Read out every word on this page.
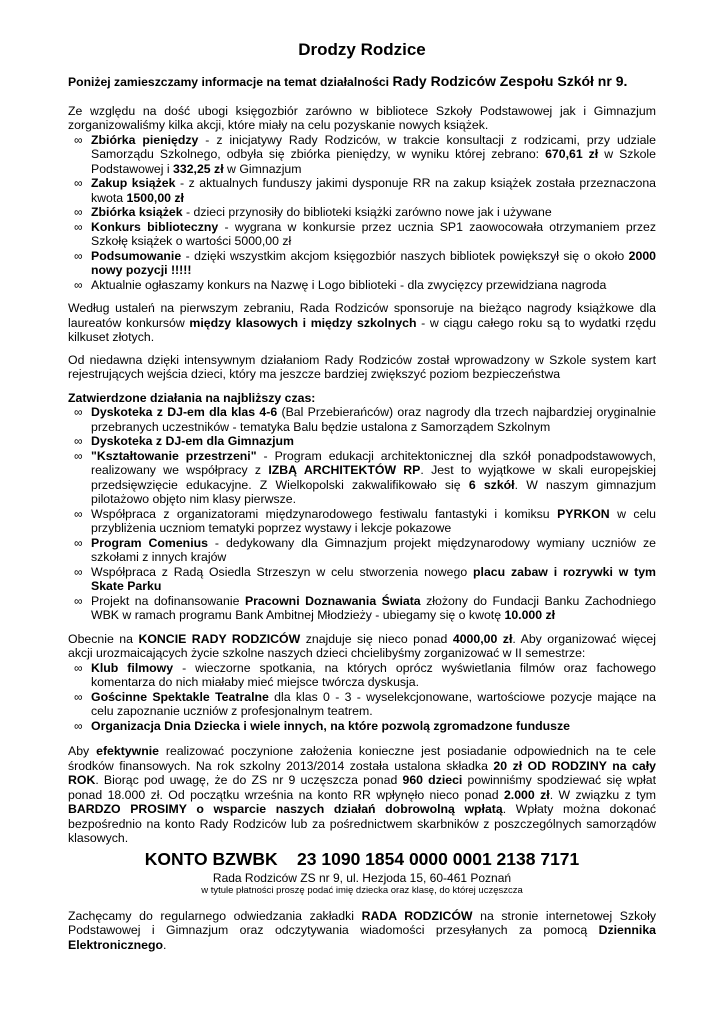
Drodzy Rodzice
Poniżej zamieszczamy informacje na temat działalności Rady Rodziców Zespołu Szkół nr 9.

Ze względu na dość ubogi księgozbiór zarówno w bibliotece Szkoły Podstawowej jak i Gimnazjum zorganizowaliśmy kilka akcji, które miały na celu pozyskanie nowych książek.

∞ Zbiórka pieniędzy - z inicjatywy Rady Rodziców, w trakcie konsultacji z rodzicami, przy udziale Samorządu Szkolnego, odbyła się zbiórka pieniędzy, w wyniku której zebrano: 670,61 zł w Szkole Podstawowej i 332,25 zł w Gimnazjum
∞ Zakup książek - z aktualnych funduszy jakimi dysponuje RR na zakup książek została przeznaczona kwota 1500,00 zł
∞ Zbiórka książek - dzieci przynosiły do biblioteki książki zarówno nowe jak i używane
∞ Konkurs biblioteczny - wygrana w konkursie przez ucznia SP1 zaowocowała otrzymaniem przez Szkołę książek o wartości 5000,00 zł
∞ Podsumowanie - dzięki wszystkim akcjom księgozbiór naszych bibliotek powiększył się o około 2000 nowy pozycji !!!!!
∞ Aktualnie ogłaszamy konkurs na Nazwę i Logo biblioteki - dla zwycięzcy przewidziana nagroda

Według ustaleń na pierwszym zebraniu, Rada Rodziców sponsoruje na bieżąco nagrody książkowe dla laureatów konkursów między klasowych i między szkolnych - w ciągu całego roku są to wydatki rzędu kilkuset złotych.

Od niedawna dzięki intensywnym działaniom Rady Rodziców został wprowadzony w Szkole system kart rejestrujących wejścia dzieci, który ma jeszcze bardziej zwiększyć poziom bezpieczeństwa

Zatwierdzone działania na najbliższy czas:
∞ Dyskoteka z DJ-em dla klas 4-6 (Bal Przebierańców) oraz nagrody dla trzech najbardziej oryginalnie przebranych uczestników - tematyka Balu będzie ustalona z Samorządem Szkolnym
∞ Dyskoteka z DJ-em dla Gimnazjum
∞ "Kształtowanie przestrzeni" - Program edukacji architektonicznej dla szkół ponadpodstawowych, realizowany we współpracy z IZBĄ ARCHITEKTÓW RP. Jest to wyjątkowe w skali europejskiej przedsięwzięcie edukacyjne. Z Wielkopolski zakwalifikowało się 6 szkół. W naszym gimnazjum pilotażowo objęto nim klasy pierwsze.
∞ Współpraca z organizatorami międzynarodowego festiwalu fantastyki i komiksu PYRKON w celu przybliżenia uczniom tematyki poprzez wystawy i lekcje pokazowe
∞ Program Comenius - dedykowany dla Gimnazjum projekt międzynarodowy wymiany uczniów ze szkołami z innych krajów
∞ Współpraca z Radą Osiedla Strzeszyn w celu stworzenia nowego placu zabaw i rozrywki w tym Skate Parku
∞ Projekt na dofinansowanie Pracowni Doznawania Świata złożony do Fundacji Banku Zachodniego WBK w ramach programu Bank Ambitnej Młodzieży - ubiegamy się o kwotę 10.000 zł

Obecnie na KONCIE RADY RODZICÓW znajduje się nieco ponad 4000,00 zł. Aby organizować więcej akcji urozmaicających życie szkolne naszych dzieci chcielibyśmy zorganizować w II semestrze:

∞ Klub filmowy - wieczorne spotkania, na których oprócz wyświetlania filmów oraz fachowego komentarza do nich miałaby mieć miejsce twórcza dyskusja.
∞ Gościnne Spektakle Teatralne dla klas 0 - 3 - wyselekcjonowane, wartościowe pozycje mające na celu zapoznanie uczniów z profesjonalnym teatrem.
∞ Organizacja Dnia Dziecka i wiele innych, na które pozwolą zgromadzone fundusze

Aby efektywnie realizować poczynione założenia konieczne jest posiadanie odpowiednich na te cele środków finansowych. Na rok szkolny 2013/2014 została ustalona składka 20 zł OD RODZINY na cały ROK. Biorąc pod uwagę, że do ZS nr 9 uczęszcza ponad 960 dzieci powinniśmy spodziewać się wpłat ponad 18.000 zł. Od początku września na konto RR wpłynęło nieco ponad 2.000 zł. W związku z tym BARDZO PROSIMY o wsparcie naszych działań dobrowolną wpłatą. Wpłaty można dokonać bezpośrednio na konto Rady Rodziców lub za pośrednictwem skarbników z poszczególnych samorządów klasowych.

KONTO BZWBK    23 1090 1854 0000 0001 2138 7171
Rada Rodziców ZS nr 9, ul. Hezjoda 15, 60-461 Poznań
w tytule płatności proszę podać imię dziecka oraz klasę, do której uczęszcza

Zachęcamy do regularnego odwiedzania zakładki RADA RODZICÓW na stronie internetowej Szkoły Podstawowej i Gimnazjum oraz odczytywania wiadomości przesyłanych za pomocą Dziennika Elektronicznego.
